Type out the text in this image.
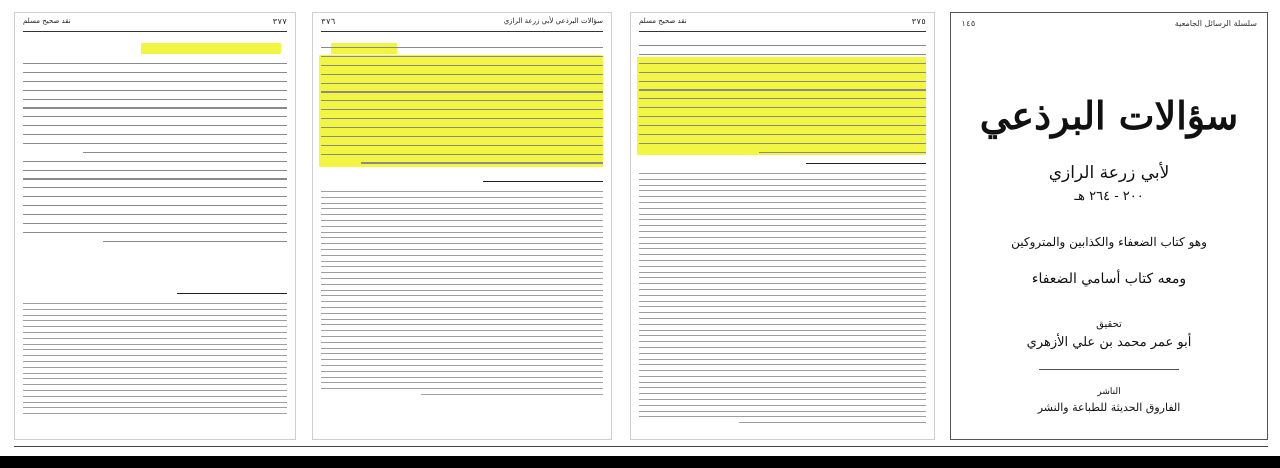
٣٧٧
نقد صحيح مسلم	سؤالات البرذعي لأبي زرعة الرازي
٣٧٦	٣٧٥
نقد صحيح مسلم	سلسلة الرسائل الجامعية
١٤٥
سؤالات البرذعي
لأبي زرعة الرازي
٢٠٠ - ٢٦٤ هـ
وهو كتاب الضعفاء والكذابين والمتروكين
ومعه كتاب أسامي الضعفاء
تحقيق
أبو عمر محمد بن علي الأزهري
الناشر
الفاروق الحديثة للطباعة والنشر
